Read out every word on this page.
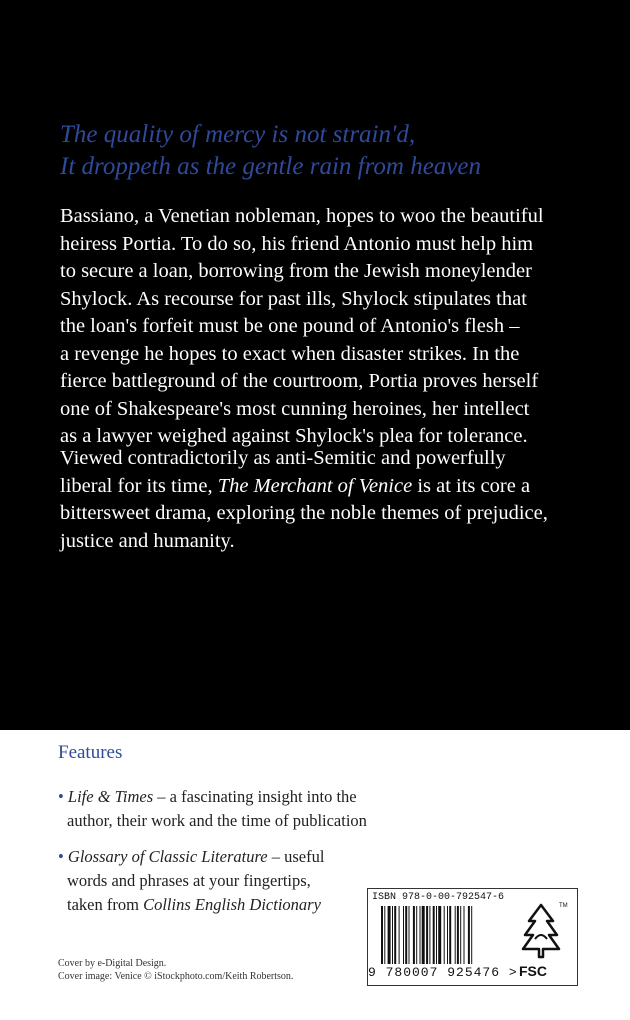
The quality of mercy is not strain'd,
It droppeth as the gentle rain from heaven
Bassiano, a Venetian nobleman, hopes to woo the beautiful
heiress Portia. To do so, his friend Antonio must help him
to secure a loan, borrowing from the Jewish moneylender
Shylock. As recourse for past ills, Shylock stipulates that
the loan's forfeit must be one pound of Antonio's flesh –
a revenge he hopes to exact when disaster strikes. In the
fierce battleground of the courtroom, Portia proves herself
one of Shakespeare's most cunning heroines, her intellect
as a lawyer weighed against Shylock's plea for tolerance.
Viewed contradictorily as anti-Semitic and powerfully
liberal for its time, The Merchant of Venice is at its core a
bittersweet drama, exploring the noble themes of prejudice,
justice and humanity.
Features
• Life & Times – a fascinating insight into the
author, their work and the time of publication
• Glossary of Classic Literature – useful
words and phrases at your fingertips,
taken from Collins English Dictionary
Cover by e-Digital Design.
Cover image: Venice © iStockphoto.com/Keith Robertson.
ISBN 978-0-00-792547-6
9 780007 925476 >
TM
FSC
